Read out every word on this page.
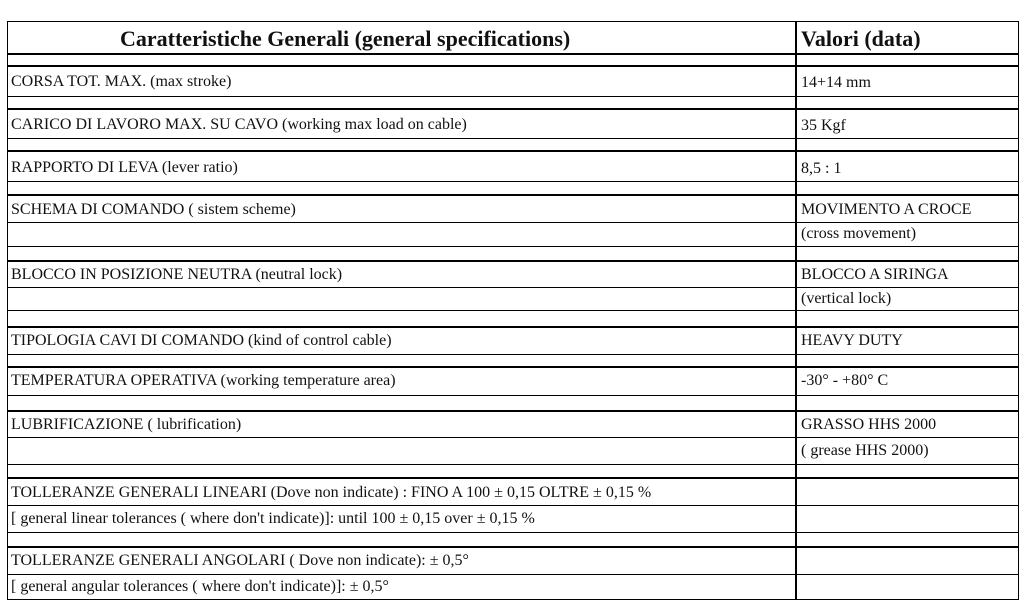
Caratteristiche Generali (general specifications)	Valori (data)
CORSA TOT. MAX. (max stroke)	14+14 mm
CARICO DI LAVORO MAX. SU CAVO (working max load on cable)	35 Kgf
RAPPORTO DI LEVA (lever ratio)	8,5 : 1
SCHEMA DI COMANDO ( sistem scheme)	MOVIMENTO A CROCE
(cross movement)
BLOCCO IN POSIZIONE NEUTRA (neutral lock)	BLOCCO A SIRINGA
(vertical lock)
TIPOLOGIA CAVI DI COMANDO (kind of control cable)	HEAVY DUTY
TEMPERATURA OPERATIVA (working temperature area)	-30° - +80° C
LUBRIFICAZIONE ( lubrification)	GRASSO HHS 2000
( grease HHS 2000)
TOLLERANZE GENERALI LINEARI (Dove non indicate) : FINO A 100 ± 0,15 OLTRE ± 0,15 %
[ general linear tolerances ( where don't indicate)]: until 100 ± 0,15 over ± 0,15 %
TOLLERANZE GENERALI ANGOLARI ( Dove non indicate): ± 0,5°
[ general angular tolerances ( where don't indicate)]: ± 0,5°
